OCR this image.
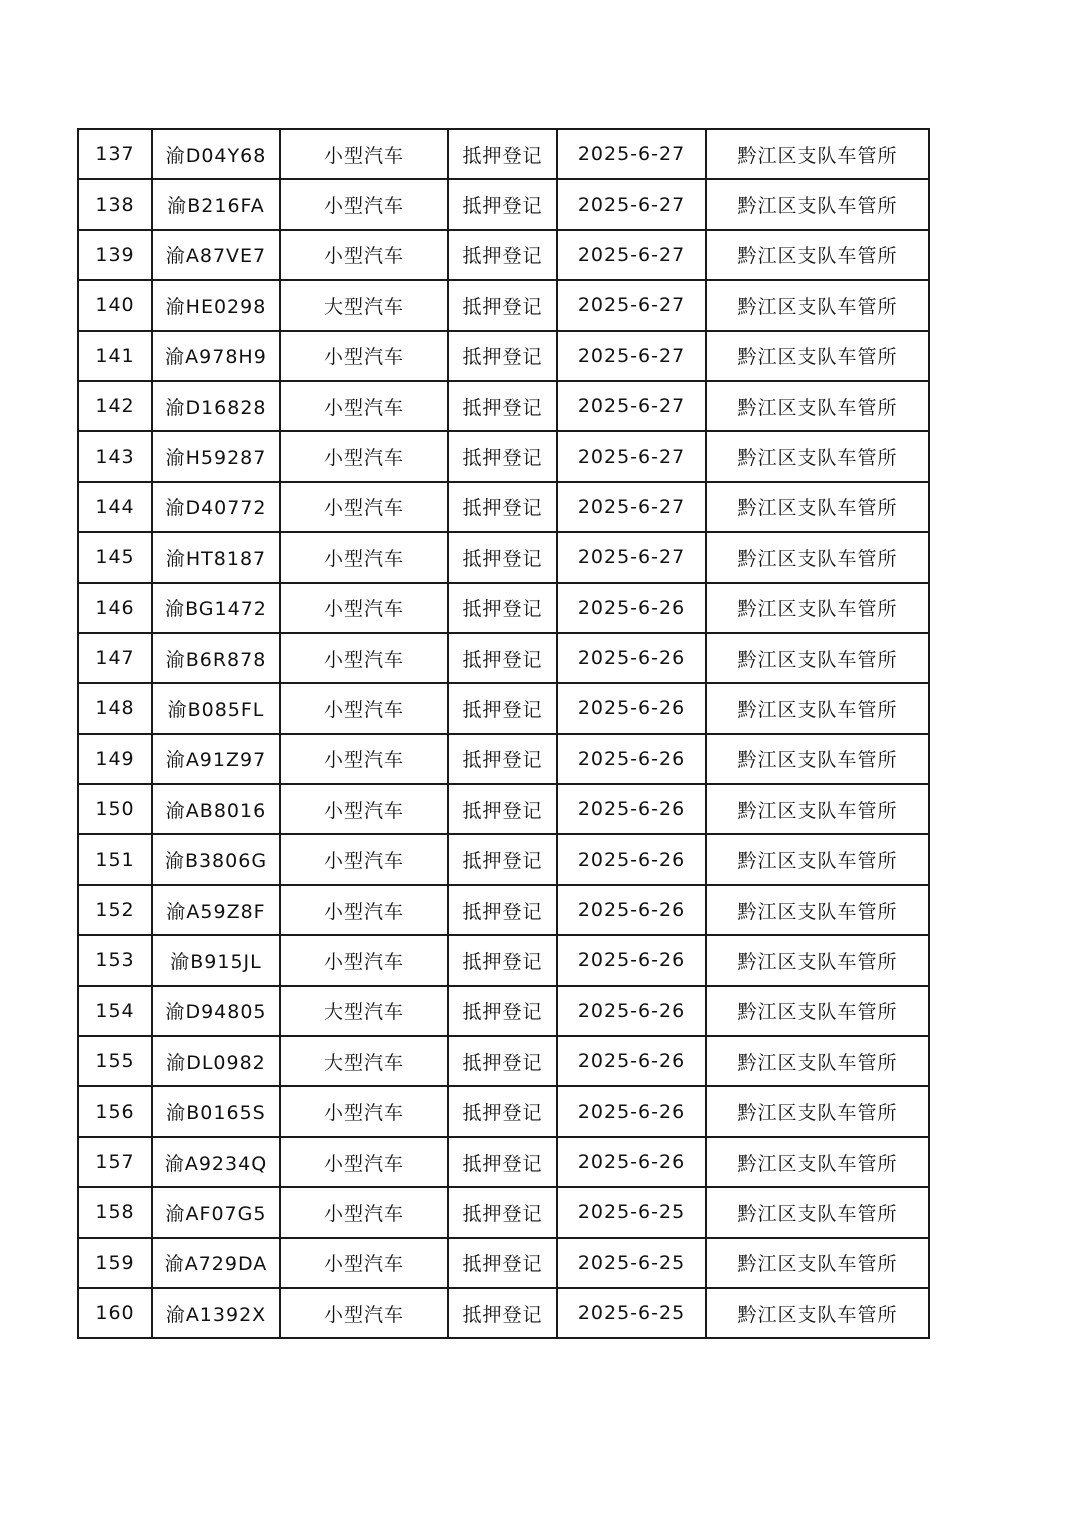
137	渝D04Y68	小型汽车	抵押登记	2025-6-27	黔江区支队车管所
138	渝B216FA	小型汽车	抵押登记	2025-6-27	黔江区支队车管所
139	渝A87VE7	小型汽车	抵押登记	2025-6-27	黔江区支队车管所
140	渝HE0298	大型汽车	抵押登记	2025-6-27	黔江区支队车管所
141	渝A978H9	小型汽车	抵押登记	2025-6-27	黔江区支队车管所
142	渝D16828	小型汽车	抵押登记	2025-6-27	黔江区支队车管所
143	渝H59287	小型汽车	抵押登记	2025-6-27	黔江区支队车管所
144	渝D40772	小型汽车	抵押登记	2025-6-27	黔江区支队车管所
145	渝HT8187	小型汽车	抵押登记	2025-6-27	黔江区支队车管所
146	渝BG1472	小型汽车	抵押登记	2025-6-26	黔江区支队车管所
147	渝B6R878	小型汽车	抵押登记	2025-6-26	黔江区支队车管所
148	渝B085FL	小型汽车	抵押登记	2025-6-26	黔江区支队车管所
149	渝A91Z97	小型汽车	抵押登记	2025-6-26	黔江区支队车管所
150	渝AB8016	小型汽车	抵押登记	2025-6-26	黔江区支队车管所
151	渝B3806G	小型汽车	抵押登记	2025-6-26	黔江区支队车管所
152	渝A59Z8F	小型汽车	抵押登记	2025-6-26	黔江区支队车管所
153	渝B915JL	小型汽车	抵押登记	2025-6-26	黔江区支队车管所
154	渝D94805	大型汽车	抵押登记	2025-6-26	黔江区支队车管所
155	渝DL0982	大型汽车	抵押登记	2025-6-26	黔江区支队车管所
156	渝B0165S	小型汽车	抵押登记	2025-6-26	黔江区支队车管所
157	渝A9234Q	小型汽车	抵押登记	2025-6-26	黔江区支队车管所
158	渝AF07G5	小型汽车	抵押登记	2025-6-25	黔江区支队车管所
159	渝A729DA	小型汽车	抵押登记	2025-6-25	黔江区支队车管所
160	渝A1392X	小型汽车	抵押登记	2025-6-25	黔江区支队车管所
